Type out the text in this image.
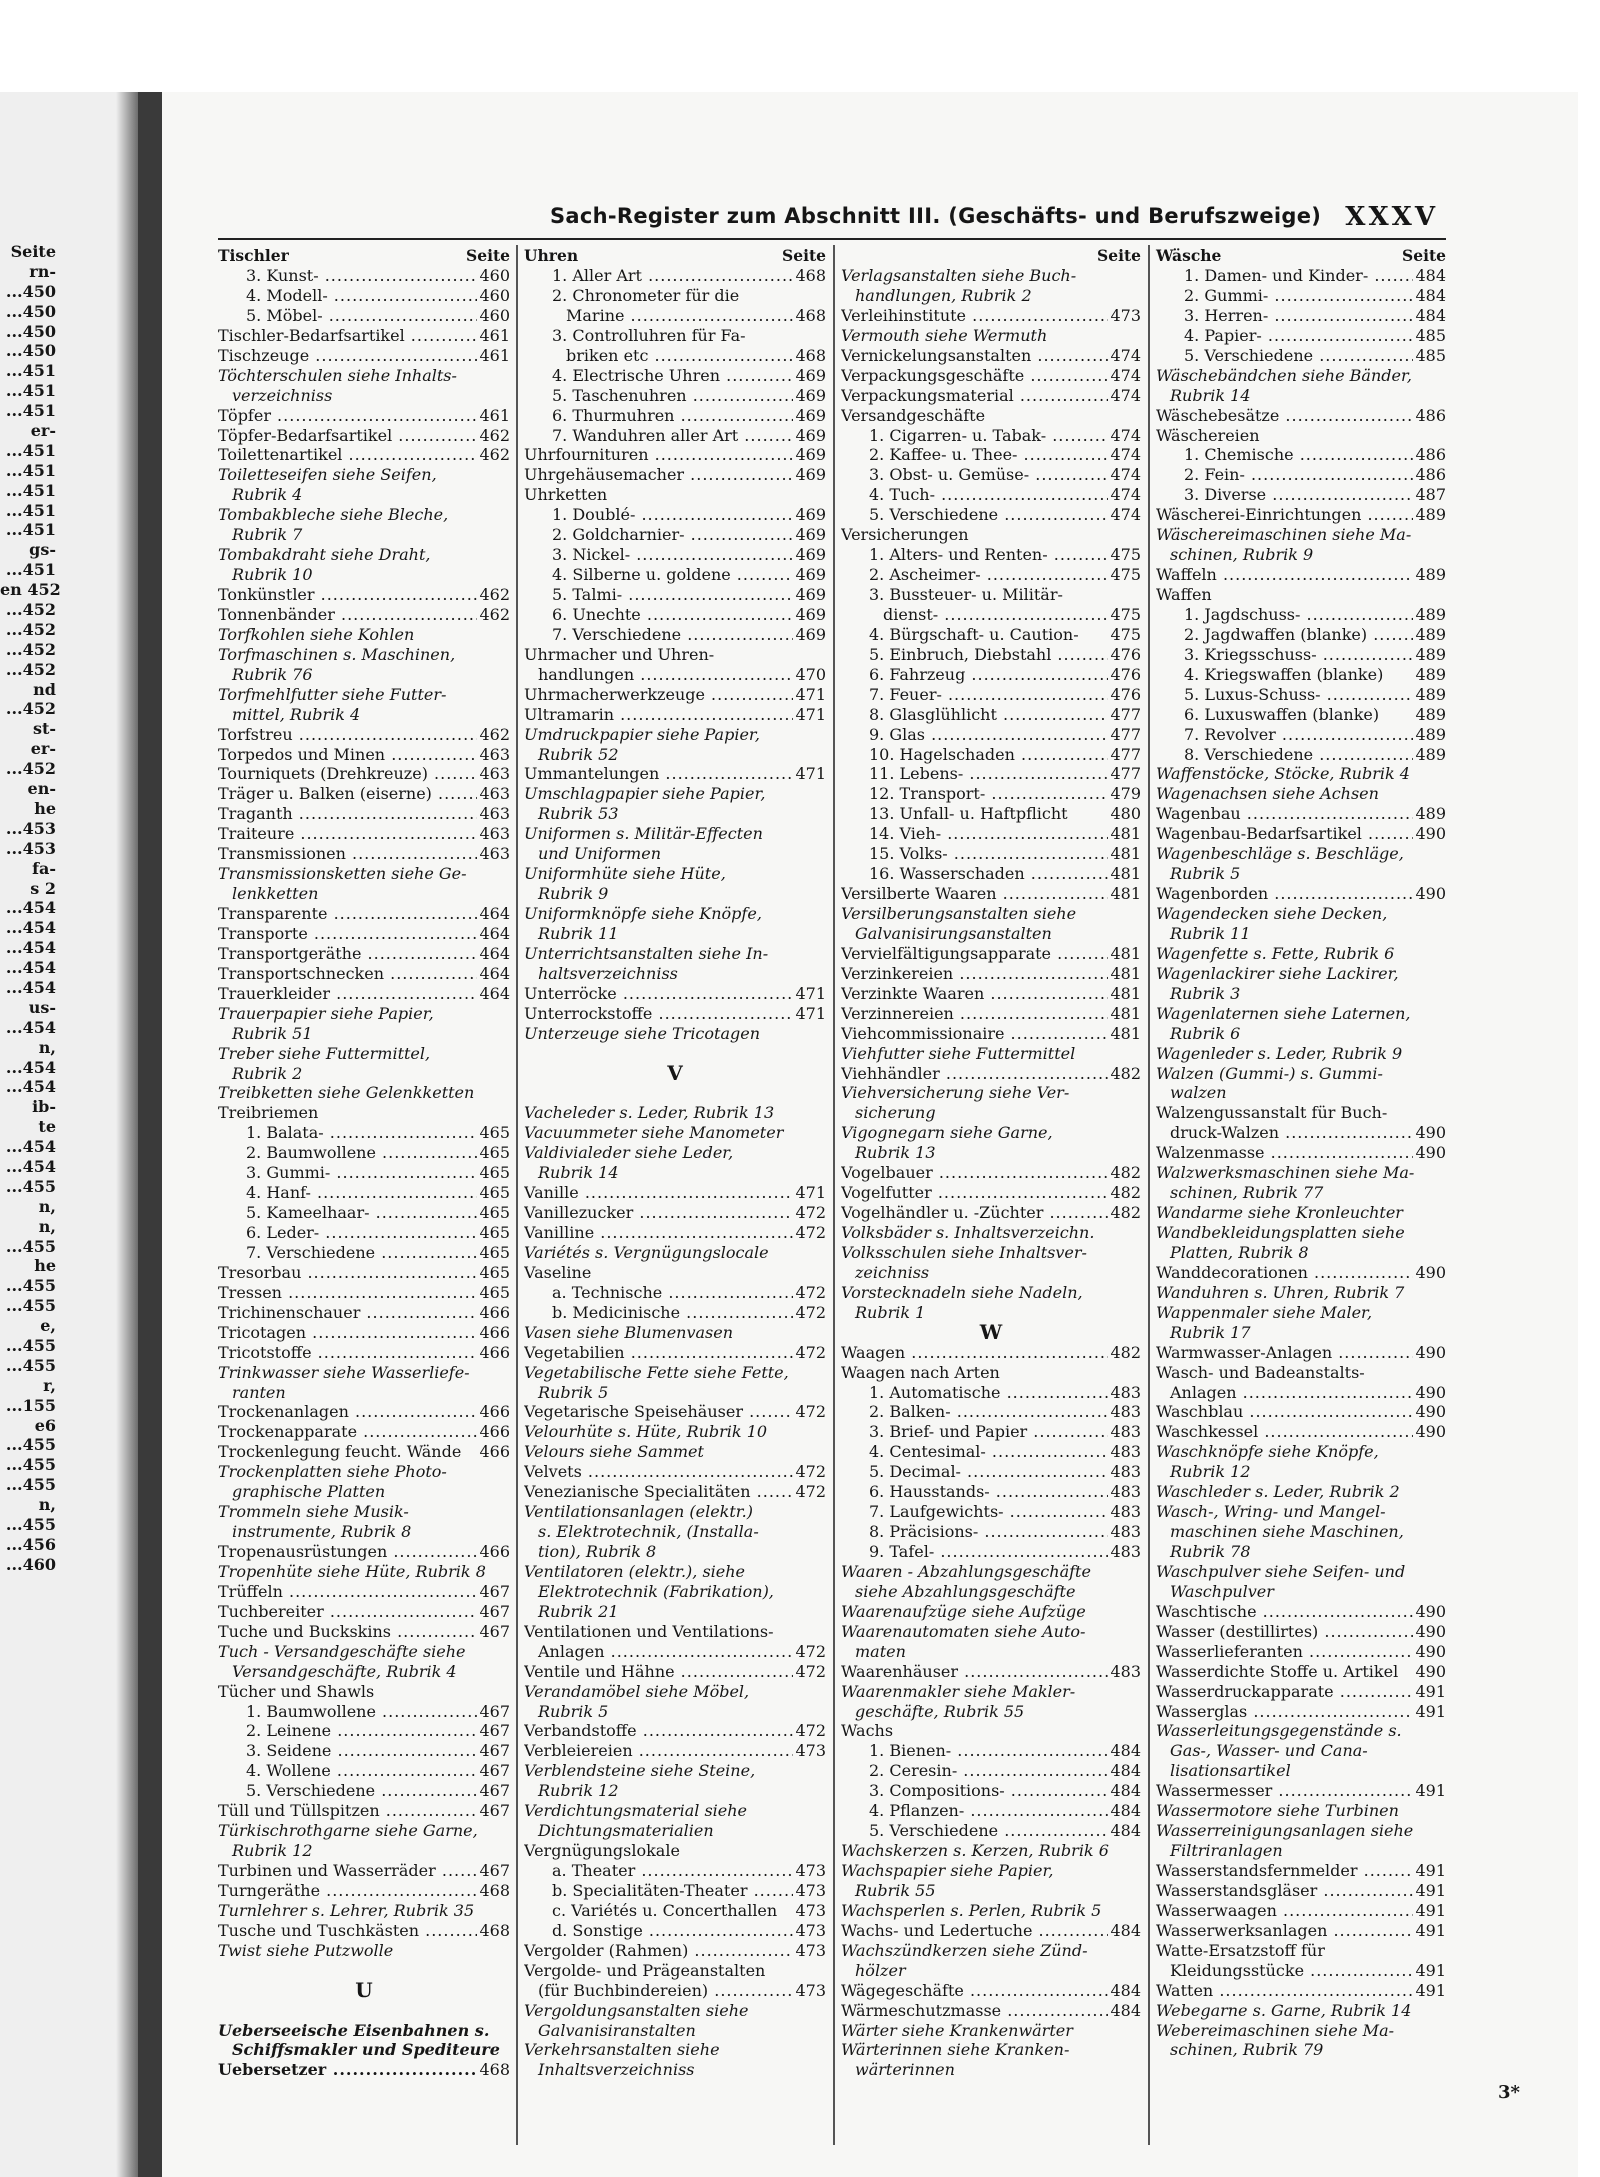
Seite
rn-
...450
...450
...450
...450
...451
...451
...451
er-
...451
...451
...451
...451
...451
gs-
...451
en 452
...452
...452
...452
...452
nd
...452
st-
er-
...452
en-
he
...453
...453
fa-
s 2
...454
...454
...454
...454
...454
us-
...454
n,
...454
...454
ib-
te
...454
...454
...455
n,
n,
...455
he
...455
...455
e,
...455
...455
r,
...155
e6
...455
...455
...455
n,
...455
...456
...460
Sach-Register zum Abschnitt III. (Geschäfts- und Berufszweige) XXXV
Tischler	Seite
3. Kunst- .....	460
4. Modell- .....	460
5. Möbel- .....	460
Tischler-Bedarfsartikel .....	461
Tischzeuge .....	461
Töchterschulen siehe Inhalts-
verzeichniss
Töpfer .....	461
Töpfer-Bedarfsartikel .....	462
Toilettenartikel .....	462
Toiletteseifen siehe Seifen,
Rubrik 4
Tombakbleche siehe Bleche,
Rubrik 7
Tombakdraht siehe Draht,
Rubrik 10
Tonkünstler .....	462
Tonnenbänder .....	462
Torfkohlen siehe Kohlen
Torfmaschinen s. Maschinen,
Rubrik 76
Torfmehlfutter siehe Futter-
mittel, Rubrik 4
Torfstreu .....	462
Torpedos und Minen .....	463
Tourniquets (Drehkreuze) .....	463
Träger u. Balken (eiserne) .....	463
Traganth .....	463
Traiteure .....	463
Transmissionen .....	463
Transmissionsketten siehe Ge-
lenkketten
Transparente .....	464
Transporte .....	464
Transportgeräthe .....	464
Transportschnecken .....	464
Trauerkleider .....	464
Trauerpapier siehe Papier,
Rubrik 51
Treber siehe Futtermittel,
Rubrik 2
Treibketten siehe Gelenkketten
Treibriemen
1. Balata- .....	465
2. Baumwollene .....	465
3. Gummi- .....	465
4. Hanf- .....	465
5. Kameelhaar- .....	465
6. Leder- .....	465
7. Verschiedene .....	465
Tresorbau .....	465
Tressen .....	465
Trichinenschauer .....	466
Tricotagen .....	466
Tricotstoffe .....	466
Trinkwasser siehe Wasserliefe-
ranten
Trockenanlagen .....	466
Trockenapparate .....	466
Trockenlegung feucht. Wände 466
Trockenplatten siehe Photo-
graphische Platten
Trommeln siehe Musik-
instrumente, Rubrik 8
Tropenausrüstungen .....	466
Tropenhüte siehe Hüte, Rubrik 8
Trüffeln .....	467
Tuchbereiter .....	467
Tuche und Buckskins .....	467
Tuch - Versandgeschäfte siehe
Versandgeschäfte, Rubrik 4
Tücher und Shawls
1. Baumwollene .....	467
2. Leinene .....	467
3. Seidene .....	467
4. Wollene .....	467
5. Verschiedene .....	467
Tüll und Tüllspitzen .....	467
Türkischrothgarne siehe Garne,
Rubrik 12
Turbinen und Wasserräder .....	467
Turngeräthe .....	468
Turnlehrer s. Lehrer, Rubrik 35
Tusche und Tuschkästen .....	468
Twist siehe Putzwolle
U
Ueberseeische Eisenbahnen s.
Schiffsmakler und Spediteure
Uebersetzer .....	468
Uhren	Seite
1. Aller Art .....	468
2. Chronometer für die
Marine .....	468
3. Controlluhren für Fa-
briken etc .....	468
4. Electrische Uhren .....	469
5. Taschenuhren .....	469
6. Thurmuhren .....	469
7. Wanduhren aller Art .....	469
Uhrfournituren .....	469
Uhrgehäusemacher .....	469
Uhrketten
1. Doublé- .....	469
2. Goldcharnier- .....	469
3. Nickel- .....	469
4. Silberne u. goldene .....	469
5. Talmi- .....	469
6. Unechte .....	469
7. Verschiedene .....	469
Uhrmacher und Uhren-
handlungen .....	470
Uhrmacherwerkzeuge .....	471
Ultramarin .....	471
Umdruckpapier siehe Papier,
Rubrik 52
Ummantelungen .....	471
Umschlagpapier siehe Papier,
Rubrik 53
Uniformen s. Militär-Effecten
und Uniformen
Uniformhüte siehe Hüte,
Rubrik 9
Uniformknöpfe siehe Knöpfe,
Rubrik 11
Unterrichtsanstalten siehe In-
haltsverzeichniss
Unterröcke .....	471
Unterrockstoffe .....	471
Unterzeuge siehe Tricotagen
V
Vacheleder s. Leder, Rubrik 13
Vacuummeter siehe Manometer
Valdivialeder siehe Leder,
Rubrik 14
Vanille .....	471
Vanillezucker .....	472
Vanilline .....	472
Variétés s. Vergnügungslocale
Vaseline
a. Technische .....	472
b. Medicinische .....	472
Vasen siehe Blumenvasen
Vegetabilien .....	472
Vegetabilische Fette siehe Fette,
Rubrik 5
Vegetarische Speisehäuser .....	472
Velourhüte s. Hüte, Rubrik 10
Velours siehe Sammet
Velvets .....	472
Venezianische Specialitäten .....	472
Ventilationsanlagen (elektr.)
s. Elektrotechnik, (Installa-
tion), Rubrik 8
Ventilatoren (elektr.), siehe
Elektrotechnik (Fabrikation),
Rubrik 21
Ventilationen und Ventilations-
Anlagen .....	472
Ventile und Hähne .....	472
Verandamöbel siehe Möbel,
Rubrik 5
Verbandstoffe .....	472
Verbleiereien .....	473
Verblendsteine siehe Steine,
Rubrik 12
Verdichtungsmaterial siehe
Dichtungsmaterialien
Vergnügungslokale
a. Theater .....	473
b. Specialitäten-Theater .....	473
c. Variétés u. Concerthallen 473
d. Sonstige .....	473
Vergolder (Rahmen) .....	473
Vergolde- und Prägeanstalten
(für Buchbindereien) .....	473
Vergoldungsanstalten siehe
Galvanisiranstalten
Verkehrsanstalten siehe
Inhaltsverzeichniss
Seite
Verlagsanstalten siehe Buch-
handlungen, Rubrik 2
Verleihinstitute .....	473
Vermouth siehe Wermuth
Vernickelungsanstalten .....	474
Verpackungsgeschäfte .....	474
Verpackungsmaterial .....	474
Versandgeschäfte
1. Cigarren- u. Tabak- .....	474
2. Kaffee- u. Thee- .....	474
3. Obst- u. Gemüse- .....	474
4. Tuch- .....	474
5. Verschiedene .....	474
Versicherungen
1. Alters- und Renten- .....	475
2. Ascheimer- .....	475
3. Bussteuer- u. Militär-
dienst- .....	475
4. Bürgschaft- u. Caution- 475
5. Einbruch, Diebstahl .....	476
6. Fahrzeug .....	476
7. Feuer- .....	476
8. Glasglühlicht .....	477
9. Glas .....	477
10. Hagelschaden .....	477
11. Lebens- .....	477
12. Transport- .....	479
13. Unfall- u. Haftpflicht	480
14. Vieh- .....	481
15. Volks- .....	481
16. Wasserschaden .....	481
Versilberte Waaren .....	481
Versilberungsanstalten siehe
Galvanisirungsanstalten
Vervielfältigungsapparate .....	481
Verzinkereien .....	481
Verzinkte Waaren .....	481
Verzinnereien .....	481
Viehcommissionaire .....	481
Viehfutter siehe Futtermittel
Viehhändler .....	482
Viehversicherung siehe Ver-
sicherung
Vigognegarn siehe Garne,
Rubrik 13
Vogelbauer .....	482
Vogelfutter .....	482
Vogelhändler u. -Züchter .....	482
Volksbäder s. Inhaltsverzeichn.
Volksschulen siehe Inhaltsver-
zeichniss
Vorstecknadeln siehe Nadeln,
Rubrik 1
W
Waagen .....	482
Waagen nach Arten
1. Automatische .....	483
2. Balken- .....	483
3. Brief- und Papier .....	483
4. Centesimal- .....	483
5. Decimal- .....	483
6. Hausstands- .....	483
7. Laufgewichts- .....	483
8. Präcisions- .....	483
9. Tafel- .....	483
Waaren - Abzahlungsgeschäfte
siehe Abzahlungsgeschäfte
Waarenaufzüge siehe Aufzüge
Waarenautomaten siehe Auto-
maten
Waarenhäuser .....	483
Waarenmakler siehe Makler-
geschäfte, Rubrik 55
Wachs
1. Bienen- .....	484
2. Ceresin- .....	484
3. Compositions- .....	484
4. Pflanzen- .....	484
5. Verschiedene .....	484
Wachskerzen s. Kerzen, Rubrik 6
Wachspapier siehe Papier,
Rubrik 55
Wachsperlen s. Perlen, Rubrik 5
Wachs- und Ledertuche .....	484
Wachszündkerzen siehe Zünd-
hölzer
Wägegeschäfte .....	484
Wärmeschutzmasse .....	484
Wärter siehe Krankenwärter
Wärterinnen siehe Kranken-
wärterinnen
Wäsche	Seite
1. Damen- und Kinder- .....	484
2. Gummi- .....	484
3. Herren- .....	484
4. Papier- .....	485
5. Verschiedene .....	485
Wäschebändchen siehe Bänder,
Rubrik 14
Wäschebesätze .....	486
Wäschereien
1. Chemische .....	486
2. Fein- .....	486
3. Diverse .....	487
Wäscherei-Einrichtungen .....	489
Wäschereimaschinen siehe Ma-
schinen, Rubrik 9
Waffeln .....	489
Waffen
1. Jagdschuss- .....	489
2. Jagdwaffen (blanke) .....	489
3. Kriegsschuss- .....	489
4. Kriegswaffen (blanke) 489
5. Luxus-Schuss- .....	489
6. Luxuswaffen (blanke) 489
7. Revolver .....	489
8. Verschiedene .....	489
Waffenstöcke, Stöcke, Rubrik 4
Wagenachsen siehe Achsen
Wagenbau .....	489
Wagenbau-Bedarfsartikel .....	490
Wagenbeschläge s. Beschläge,
Rubrik 5
Wagenborden .....	490
Wagendecken siehe Decken,
Rubrik 11
Wagenfette s. Fette, Rubrik 6
Wagenlackirer siehe Lackirer,
Rubrik 3
Wagenlaternen siehe Laternen,
Rubrik 6
Wagenleder s. Leder, Rubrik 9
Walzen (Gummi-) s. Gummi-
walzen
Walzengussanstalt für Buch-
druck-Walzen .....	490
Walzenmasse .....	490
Walzwerksmaschinen siehe Ma-
schinen, Rubrik 77
Wandarme siehe Kronleuchter
Wandbekleidungsplatten siehe
Platten, Rubrik 8
Wanddecorationen .....	490
Wanduhren s. Uhren, Rubrik 7
Wappenmaler siehe Maler,
Rubrik 17
Warmwasser-Anlagen .....	490
Wasch- und Badeanstalts-
Anlagen .....	490
Waschblau .....	490
Waschkessel .....	490
Waschknöpfe siehe Knöpfe,
Rubrik 12
Waschleder s. Leder, Rubrik 2
Wasch-, Wring- und Mangel-
maschinen siehe Maschinen,
Rubrik 78
Waschpulver siehe Seifen- und
Waschpulver
Waschtische .....	490
Wasser (destillirtes) .....	490
Wasserlieferanten .....	490
Wasserdichte Stoffe u. Artikel 490
Wasserdruckapparate .....	491
Wasserglas .....	491
Wasserleitungsgegenstände s.
Gas-, Wasser- und Cana-
lisationsartikel
Wassermesser .....	491
Wassermotore siehe Turbinen
Wasserreinigungsanlagen siehe
Filtriranlagen
Wasserstandsfernmelder .....	491
Wasserstandsgläser .....	491
Wasserwaagen .....	491
Wasserwerksanlagen .....	491
Watte-Ersatzstoff für
Kleidungsstücke .....	491
Watten .....	491
Webegarne s. Garne, Rubrik 14
Webereimaschinen siehe Ma-
schinen, Rubrik 79
3*
